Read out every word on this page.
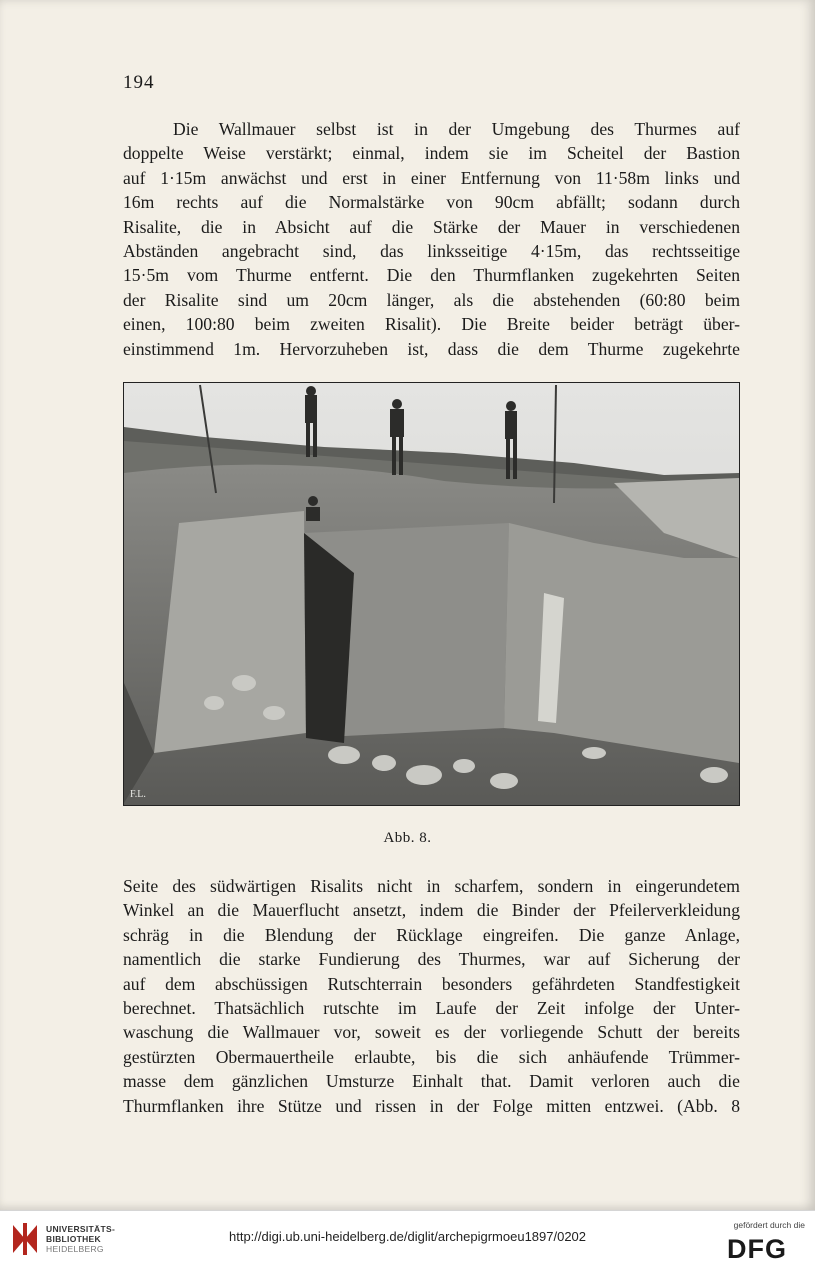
194
Die Wallmauer selbst ist in der Umgebung des Thurmes auf
doppelte Weise verstärkt; einmal, indem sie im Scheitel der Bastion
auf 1·15m anwächst und erst in einer Entfernung von 11·58m links und
16m rechts auf die Normalstärke von 90cm abfällt; sodann durch
Risalite, die in Absicht auf die Stärke der Mauer in verschiedenen
Abständen angebracht sind, das linksseitige 4·15m, das rechtsseitige
15·5m vom Thurme entfernt. Die den Thurmflanken zugekehrten Seiten
der Risalite sind um 20cm länger, als die abstehenden (60:80 beim
einen, 100:80 beim zweiten Risalit). Die Breite beider beträgt über-
einstimmend 1m. Hervorzuheben ist, dass die dem Thurme zugekehrte
F.L.
Abb. 8.
Seite des südwärtigen Risalits nicht in scharfem, sondern in eingerundetem
Winkel an die Mauerflucht ansetzt, indem die Binder der Pfeilerverkleidung
schräg in die Blendung der Rücklage eingreifen. Die ganze Anlage,
namentlich die starke Fundierung des Thurmes, war auf Sicherung der
auf dem abschüssigen Rutschterrain besonders gefährdeten Standfestigkeit
berechnet. Thatsächlich rutschte im Laufe der Zeit infolge der Unter-
waschung die Wallmauer vor, soweit es der vorliegende Schutt der bereits
gestürzten Obermauertheile erlaubte, bis die sich anhäufende Trümmer-
masse dem gänzlichen Umsturze Einhalt that. Damit verloren auch die
Thurmflanken ihre Stütze und rissen in der Folge mitten entzwei. (Abb. 8
UNIVERSITÄTS-
BIBLIOTHEK
HEIDELBERG
http://digi.ub.uni-heidelberg.de/diglit/archepigrmoeu1897/0202
gefördert durch die
DFG
